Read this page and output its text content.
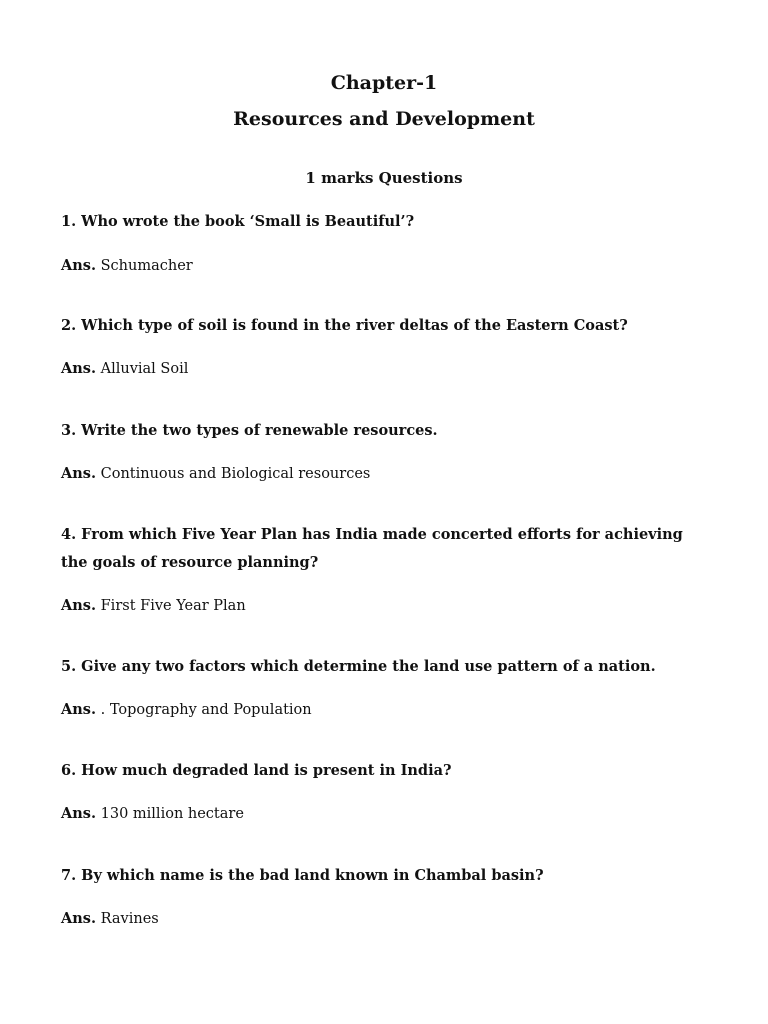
Chapter-1
Resources and Development
1 marks Questions
1. Who wrote the book ‘Small is Beautiful’?
Ans. Schumacher
2. Which type of soil is found in the river deltas of the Eastern Coast?
Ans. Alluvial Soil
3. Write the two types of renewable resources.
Ans. Continuous and Biological resources
4. From which Five Year Plan has India made concerted efforts for achieving the goals of resource planning?
Ans. First Five Year Plan
5. Give any two factors which determine the land use pattern of a nation.
Ans. . Topography and Population
6. How much degraded land is present in India?
Ans. 130 million hectare
7. By which name is the bad land known in Chambal basin?
Ans. Ravines
